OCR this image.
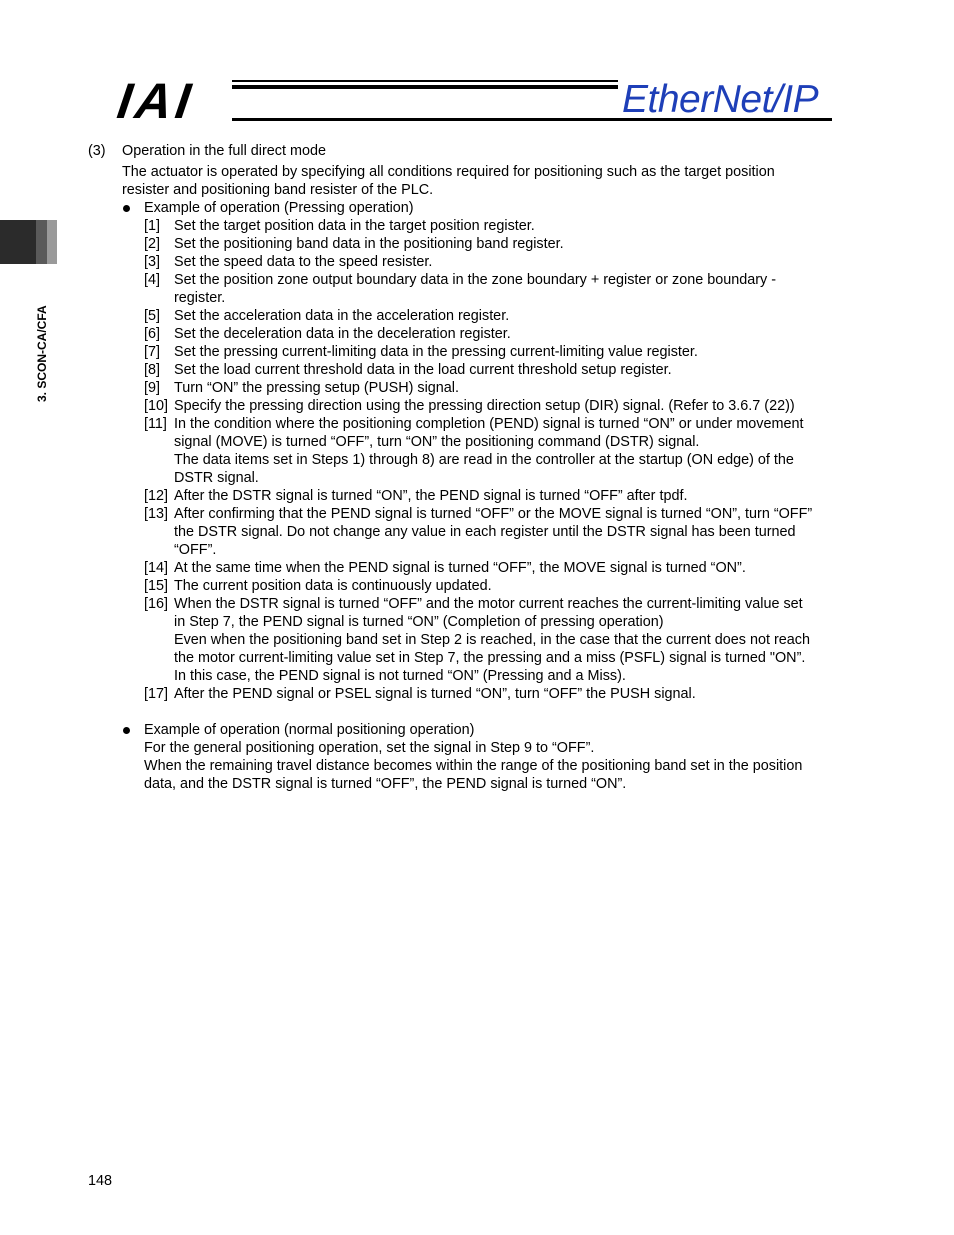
IAI	EtherNet/IP
3. SCON-CA/CFA
(3) Operation in the full direct mode
The actuator is operated by specifying all conditions required for positioning such as the target position
resister and positioning band resister of the PLC.
Example of operation (Pressing operation)
[1] Set the target position data in the target position register.
[2] Set the positioning band data in the positioning band register.
[3] Set the speed data to the speed resister.
[4] Set the position zone output boundary data in the zone boundary + register or zone boundary -
register.
[5] Set the acceleration data in the acceleration register.
[6] Set the deceleration data in the deceleration register.
[7] Set the pressing current-limiting data in the pressing current-limiting value register.
[8] Set the load current threshold data in the load current threshold setup register.
[9] Turn “ON” the pressing setup (PUSH) signal.
[10] Specify the pressing direction using the pressing direction setup (DIR) signal. (Refer to 3.6.7 (22))
[11] In the condition where the positioning completion (PEND) signal is turned “ON” or under movement
signal (MOVE) is turned “OFF”, turn “ON” the positioning command (DSTR) signal.
The data items set in Steps 1) through 8) are read in the controller at the startup (ON edge) of the
DSTR signal.
[12] After the DSTR signal is turned “ON”, the PEND signal is turned “OFF” after tpdf.
[13] After confirming that the PEND signal is turned “OFF” or the MOVE signal is turned “ON”, turn “OFF”
the DSTR signal. Do not change any value in each register until the DSTR signal has been turned
“OFF”.
[14] At the same time when the PEND signal is turned “OFF”, the MOVE signal is turned “ON”.
[15] The current position data is continuously updated.
[16] When the DSTR signal is turned “OFF” and the motor current reaches the current-limiting value set
in Step 7, the PEND signal is turned “ON” (Completion of pressing operation)
Even when the positioning band set in Step 2 is reached, in the case that the current does not reach
the motor current-limiting value set in Step 7, the pressing and a miss (PSFL) signal is turned "ON”.
In this case, the PEND signal is not turned “ON” (Pressing and a Miss).
[17] After the PEND signal or PSEL signal is turned “ON”, turn “OFF” the PUSH signal.
Example of operation (normal positioning operation)
For the general positioning operation, set the signal in Step 9 to “OFF”.
When the remaining travel distance becomes within the range of the positioning band set in the position
data, and the DSTR signal is turned “OFF”, the PEND signal is turned “ON”.
148
